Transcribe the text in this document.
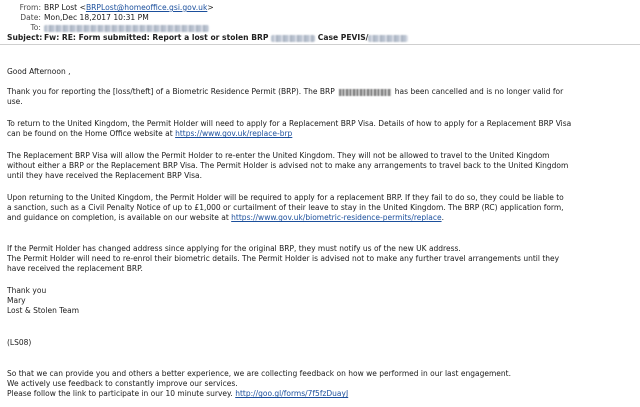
From: BRP Lost <BRPLost@homeoffice.gsi.gov.uk>
Date: Mon,Dec 18,2017 10:31 PM
To:
Subject: Fw: RE: Form submitted: Report a lost or stolen BRP	Case PEVIS/
Good Afternoon ,
Thank you for reporting the [loss/theft] of a Biometric Residence Permit (BRP). The BRP	has been cancelled and is no longer valid for
use.
To return to the United Kingdom, the Permit Holder will need to apply for a Replacement BRP Visa. Details of how to apply for a Replacement BRP Visa
can be found on the Home Office website at https://www.gov.uk/replace-brp
The Replacement BRP Visa will allow the Permit Holder to re-enter the United Kingdom. They will not be allowed to travel to the United Kingdom
without either a BRP or the Replacement BRP Visa. The Permit Holder is advised not to make any arrangements to travel back to the United Kingdom
until they have received the Replacement BRP Visa.
Upon returning to the United Kingdom, the Permit Holder will be required to apply for a replacement BRP. If they fail to do so, they could be liable to
a sanction, such as a Civil Penalty Notice of up to £1,000 or curtailment of their leave to stay in the United Kingdom. The BRP (RC) application form,
and guidance on completion, is available on our website at https://www.gov.uk/biometric-residence-permits/replace.
If the Permit Holder has changed address since applying for the original BRP, they must notify us of the new UK address.
The Permit Holder will need to re-enrol their biometric details. The Permit Holder is advised not to make any further travel arrangements until they
have received the replacement BRP.
Thank you
Mary
Lost & Stolen Team
(LS08)
So that we can provide you and others a better experience, we are collecting feedback on how we performed in our last engagement.
We actively use feedback to constantly improve our services.
Please follow the link to participate in our 10 minute survey. http://goo.gl/forms/7f5fzDuayJ
